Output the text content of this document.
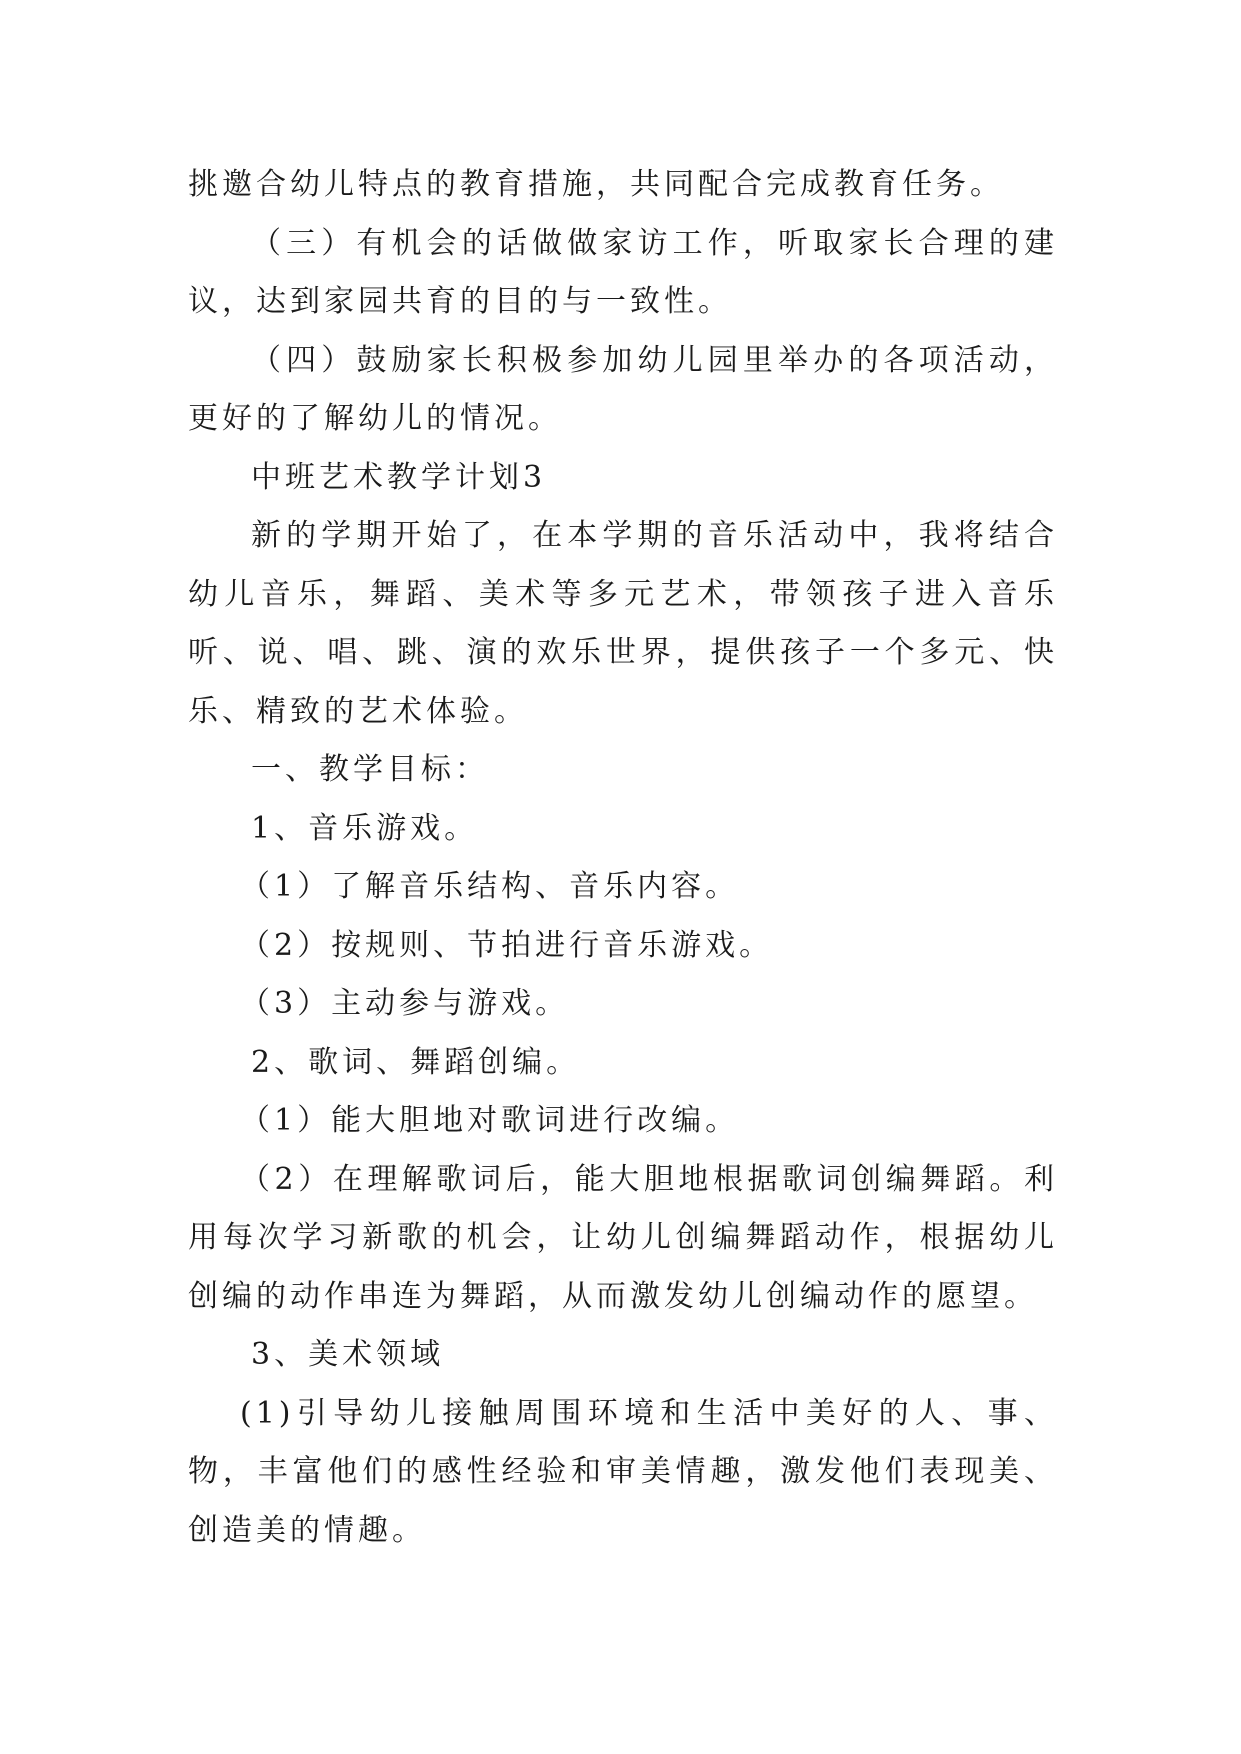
挑邀合幼儿特点的教育措施，共同配合完成教育任务。

（三）有机会的话做做家访工作，听取家长合理的建议，达到家园共育的目的与一致性。

（四）鼓励家长积极参加幼儿园里举办的各项活动，更好的了解幼儿的情况。

中班艺术教学计划3

新的学期开始了，在本学期的音乐活动中，我将结合幼儿音乐，舞蹈、美术等多元艺术，带领孩子进入音乐听、说、唱、跳、演的欢乐世界，提供孩子一个多元、快乐、精致的艺术体验。

一、教学目标：

1、音乐游戏。

（1）了解音乐结构、音乐内容。

（2）按规则、节拍进行音乐游戏。

（3）主动参与游戏。

2、歌词、舞蹈创编。

（1）能大胆地对歌词进行改编。

（2）在理解歌词后，能大胆地根据歌词创编舞蹈。利用每次学习新歌的机会，让幼儿创编舞蹈动作，根据幼儿创编的动作串连为舞蹈，从而激发幼儿创编动作的愿望。

3、美术领域

(1)引导幼儿接触周围环境和生活中美好的人、事、物，丰富他们的感性经验和审美情趣，激发他们表现美、创造美的情趣。
